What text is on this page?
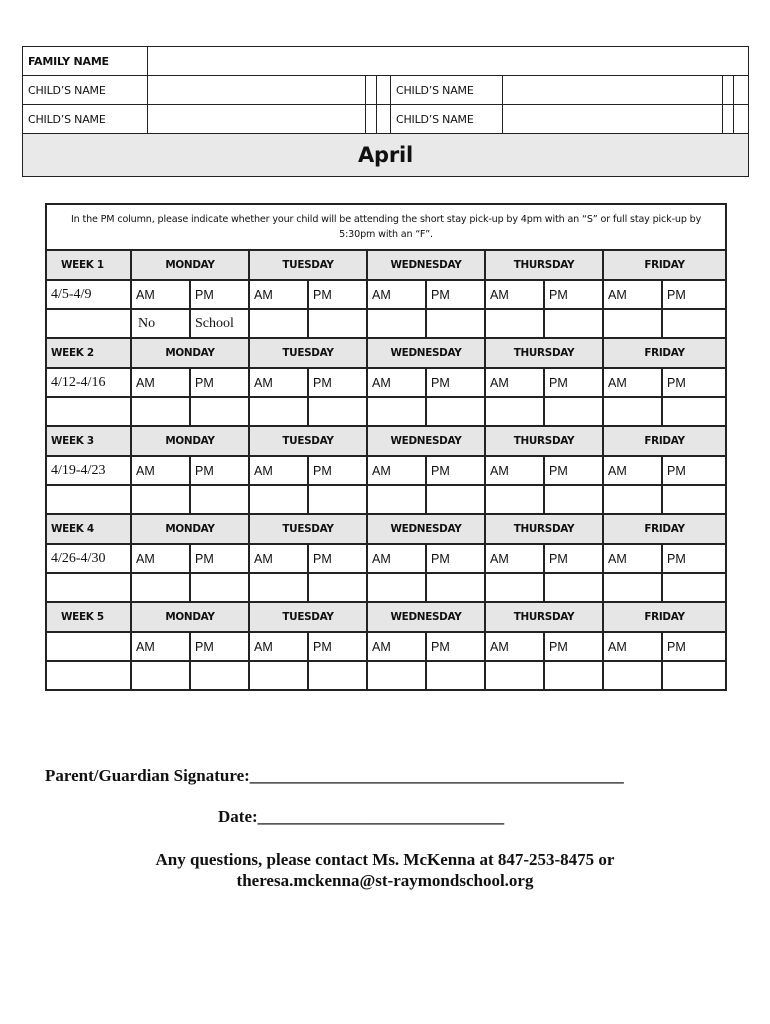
FAMILY NAME							
CHILD’S NAME				CHILD’S NAME			
CHILD’S NAME				CHILD’S NAME			
April							
In the PM column, please indicate whether your child will be attending the short stay pick-up by 4pm with an “S” or full stay pick-up by 5:30pm with an “F”.										
WEEK 1	MONDAY		TUESDAY		WEDNESDAY		THURSDAY		FRIDAY	
4/5-4/9	AM	PM	AM	PM	AM	PM	AM	PM	AM	PM
	No	School								
WEEK 2	MONDAY		TUESDAY		WEDNESDAY		THURSDAY		FRIDAY	
4/12-4/16	AM	PM	AM	PM	AM	PM	AM	PM	AM	PM

WEEK 3	MONDAY		TUESDAY		WEDNESDAY		THURSDAY		FRIDAY	
4/19-4/23	AM	PM	AM	PM	AM	PM	AM	PM	AM	PM

WEEK 4	MONDAY		TUESDAY		WEDNESDAY		THURSDAY		FRIDAY	
4/26-4/30	AM	PM	AM	PM	AM	PM	AM	PM	AM	PM

WEEK 5	MONDAY		TUESDAY		WEDNESDAY		THURSDAY		FRIDAY	
	AM	PM	AM	PM	AM	PM	AM	PM	AM	PM

Parent/Guardian Signature:____________________________________________
Date:_____________________________
Any questions, please contact Ms. McKenna at 847-253-8475 or
theresa.mckenna@st-raymondschool.org
